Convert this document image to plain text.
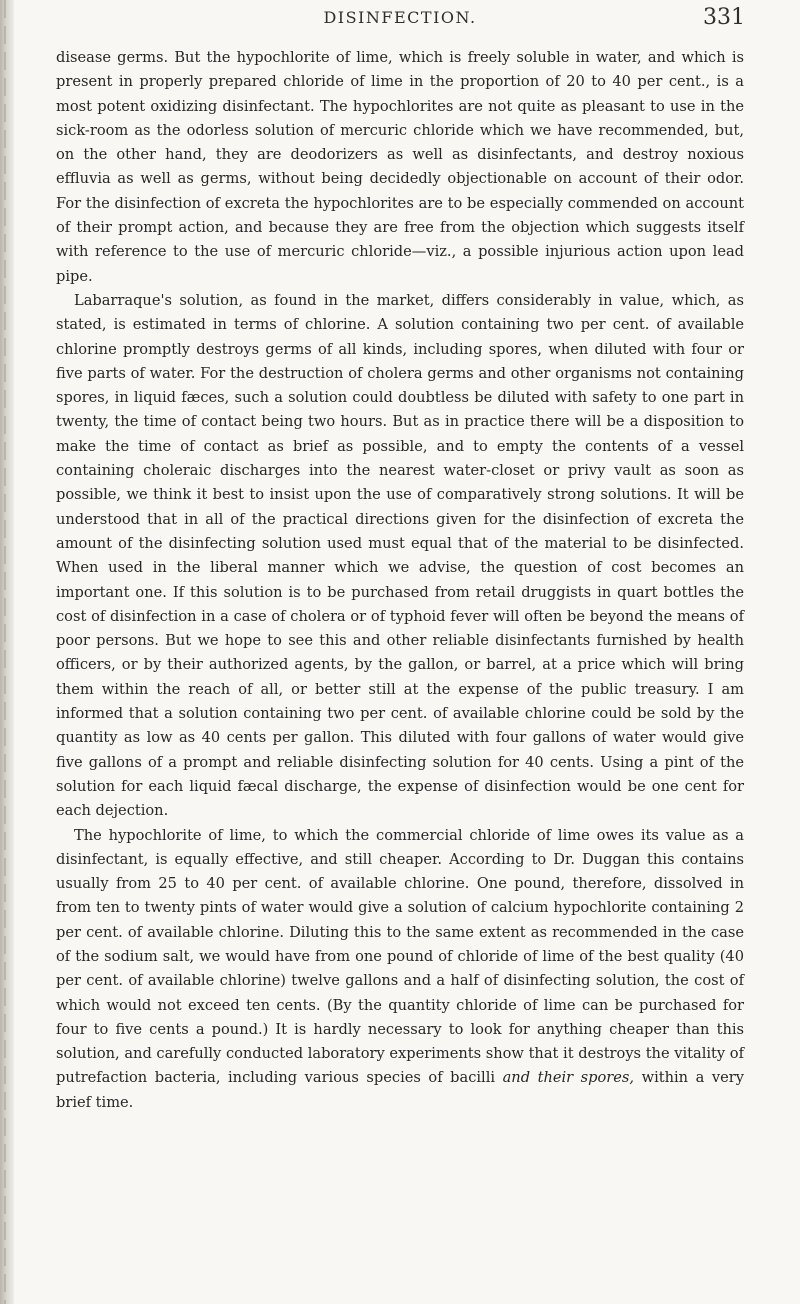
DISINFECTION.	331

disease germs. But the hypochlorite of lime, which is freely soluble in water, and which is present in properly prepared chloride of lime in the proportion of 20 to 40 per cent., is a most potent oxidizing disinfectant. The hypochlorites are not quite as pleasant to use in the sick-room as the odorless solution of mercuric chloride which we have recommended, but, on the other hand, they are deodorizers as well as disinfectants, and destroy noxious effluvia as well as germs, without being decidedly objectionable on account of their odor. For the disinfection of excreta the hypochlorites are to be especially commended on account of their prompt action, and because they are free from the objection which suggests itself with reference to the use of mercuric chloride—viz., a possible injurious action upon lead pipe.

Labarraque's solution, as found in the market, differs considerably in value, which, as stated, is estimated in terms of chlorine. A solution containing two per cent. of available chlorine promptly destroys germs of all kinds, including spores, when diluted with four or five parts of water. For the destruction of cholera germs and other organisms not containing spores, in liquid fæces, such a solution could doubtless be diluted with safety to one part in twenty, the time of contact being two hours. But as in practice there will be a disposition to make the time of contact as brief as possible, and to empty the contents of a vessel containing choleraic discharges into the nearest water-closet or privy vault as soon as possible, we think it best to insist upon the use of comparatively strong solutions. It will be understood that in all of the practical directions given for the disinfection of excreta the amount of the disinfecting solution used must equal that of the material to be disinfected. When used in the liberal manner which we advise, the question of cost becomes an important one. If this solution is to be purchased from retail druggists in quart bottles the cost of disinfection in a case of cholera or of typhoid fever will often be beyond the means of poor persons. But we hope to see this and other reliable disinfectants furnished by health officers, or by their authorized agents, by the gallon, or barrel, at a price which will bring them within the reach of all, or better still at the expense of the public treasury. I am informed that a solution containing two per cent. of available chlorine could be sold by the quantity as low as 40 cents per gallon. This diluted with four gallons of water would give five gallons of a prompt and reliable disinfecting solution for 40 cents. Using a pint of the solution for each liquid fæcal discharge, the expense of disinfection would be one cent for each dejection.

The hypochlorite of lime, to which the commercial chloride of lime owes its value as a disinfectant, is equally effective, and still cheaper. According to Dr. Duggan this contains usually from 25 to 40 per cent. of available chlorine. One pound, therefore, dissolved in from ten to twenty pints of water would give a solution of calcium hypochlorite containing 2 per cent. of available chlorine. Diluting this to the same extent as recommended in the case of the sodium salt, we would have from one pound of chloride of lime of the best quality (40 per cent. of available chlorine) twelve gallons and a half of disinfecting solution, the cost of which would not exceed ten cents. (By the quantity chloride of lime can be purchased for four to five cents a pound.) It is hardly necessary to look for anything cheaper than this solution, and carefully conducted laboratory experiments show that it destroys the vitality of putrefaction bacteria, including various species of bacilli and their spores, within a very brief time.
